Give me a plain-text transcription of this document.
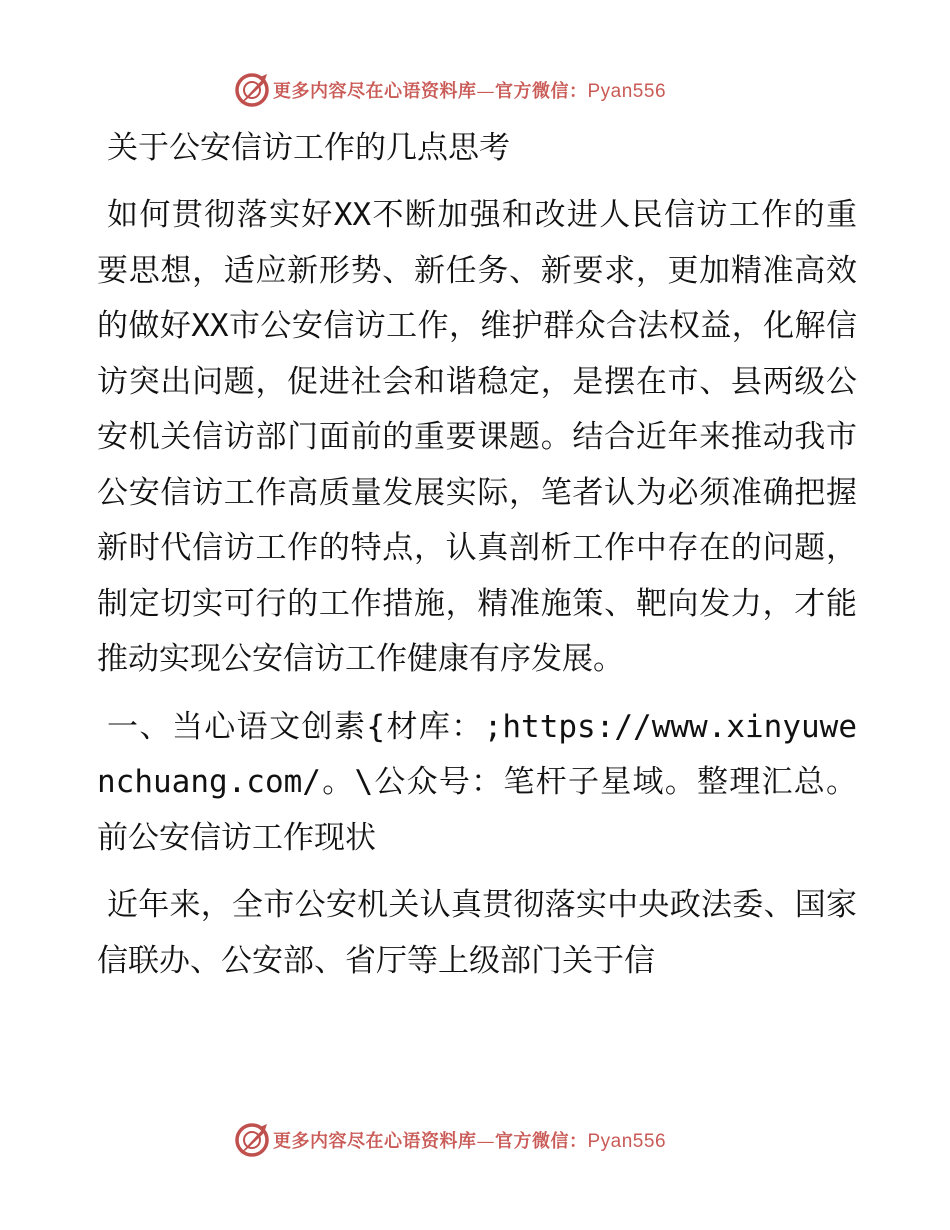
更多内容尽在心语资料库—官方微信：Pyan556
关于公安信访工作的几点思考

如何贯彻落实好XX不断加强和改进人民信访工作的重要思想，适应新形势、新任务、新要求，更加精准高效的做好XX市公安信访工作，维护群众合法权益，化解信访突出问题，促进社会和谐稳定，是摆在市、县两级公安机关信访部门面前的重要课题。结合近年来推动我市公安信访工作高质量发展实际，笔者认为必须准确把握新时代信访工作的特点，认真剖析工作中存在的问题，制定切实可行的工作措施，精准施策、靶向发力，才能推动实现公安信访工作健康有序发展。

一、当心语文创素{材库：;https://www.xinyuwenchuang.com/。\公众号：笔杆子星域。整理汇总。前公安信访工作现状

近年来，全市公安机关认真贯彻落实中央政法委、国家信联办、公安部、省厅等上级部门关于信

更多内容尽在心语资料库—官方微信：Pyan556
